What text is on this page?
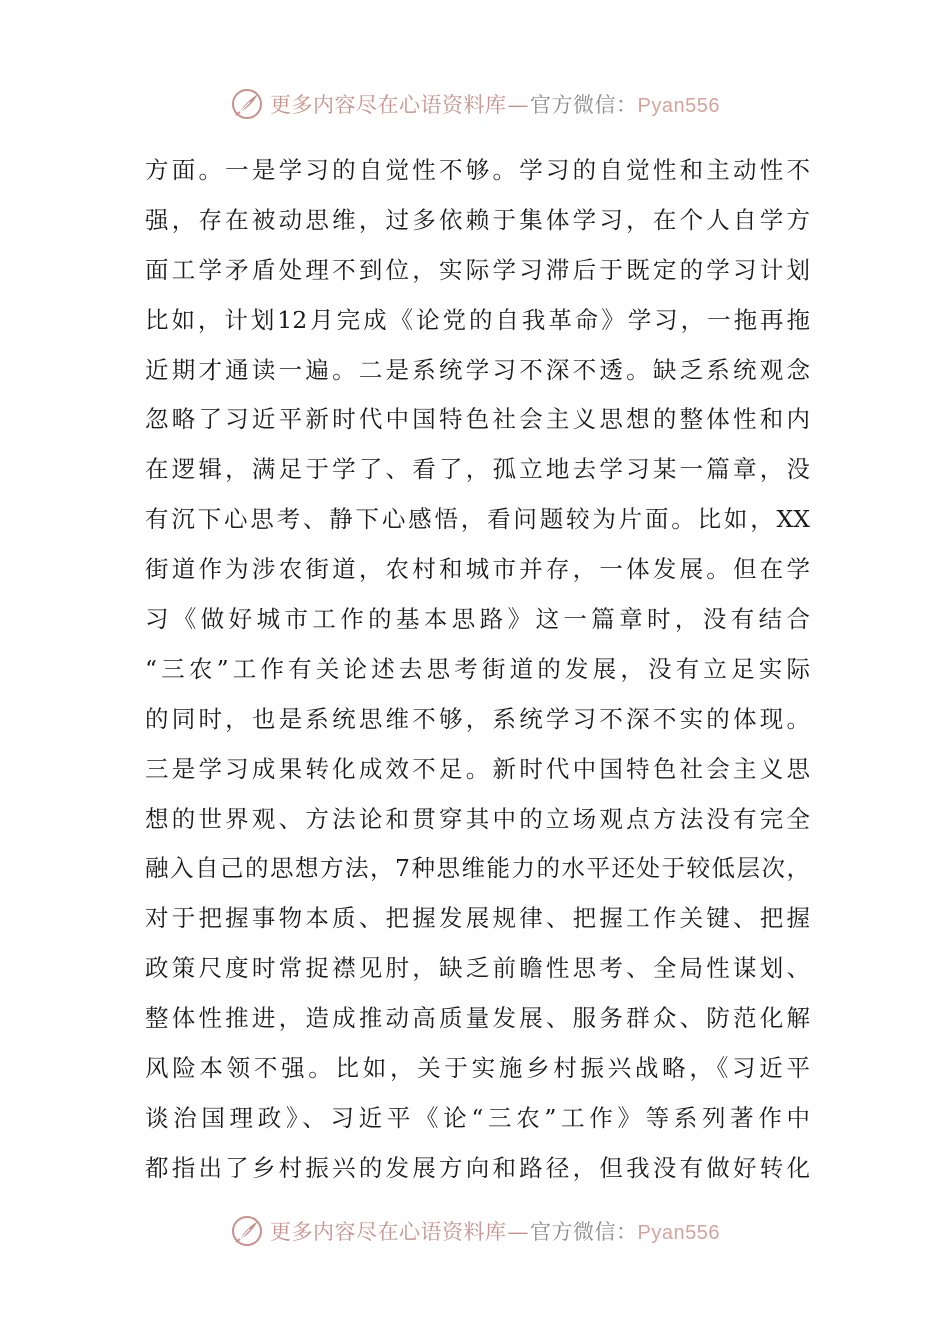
更多内容尽在心语资料库—官方微信：Pyan556
方面。一是学习的自觉性不够。学习的自觉性和主动性不
强，存在被动思维，过多依赖于集体学习，在个人自学方
面工学矛盾处理不到位，实际学习滞后于既定的学习计划
比如，计划12月完成《论党的自我革命》学习，一拖再拖
近期才通读一遍。二是系统学习不深不透。缺乏系统观念
忽略了习近平新时代中国特色社会主义思想的整体性和内
在逻辑，满足于学了、看了，孤立地去学习某一篇章，没
有沉下心思考、静下心感悟，看问题较为片面。比如，XX
街道作为涉农街道，农村和城市并存，一体发展。但在学
习《做好城市工作的基本思路》这一篇章时，没有结合
“三农”工作有关论述去思考街道的发展，没有立足实际
的同时，也是系统思维不够，系统学习不深不实的体现。
三是学习成果转化成效不足。新时代中国特色社会主义思
想的世界观、方法论和贯穿其中的立场观点方法没有完全
融入自己的思想方法，7种思维能力的水平还处于较低层次，
对于把握事物本质、把握发展规律、把握工作关键、把握
政策尺度时常捉襟见肘，缺乏前瞻性思考、全局性谋划、
整体性推进，造成推动高质量发展、服务群众、防范化解
风险本领不强。比如，关于实施乡村振兴战略，《习近平
谈治国理政》、习近平《论“三农”工作》等系列著作中
都指出了乡村振兴的发展方向和路径，但我没有做好转化
更多内容尽在心语资料库—官方微信：Pyan556
